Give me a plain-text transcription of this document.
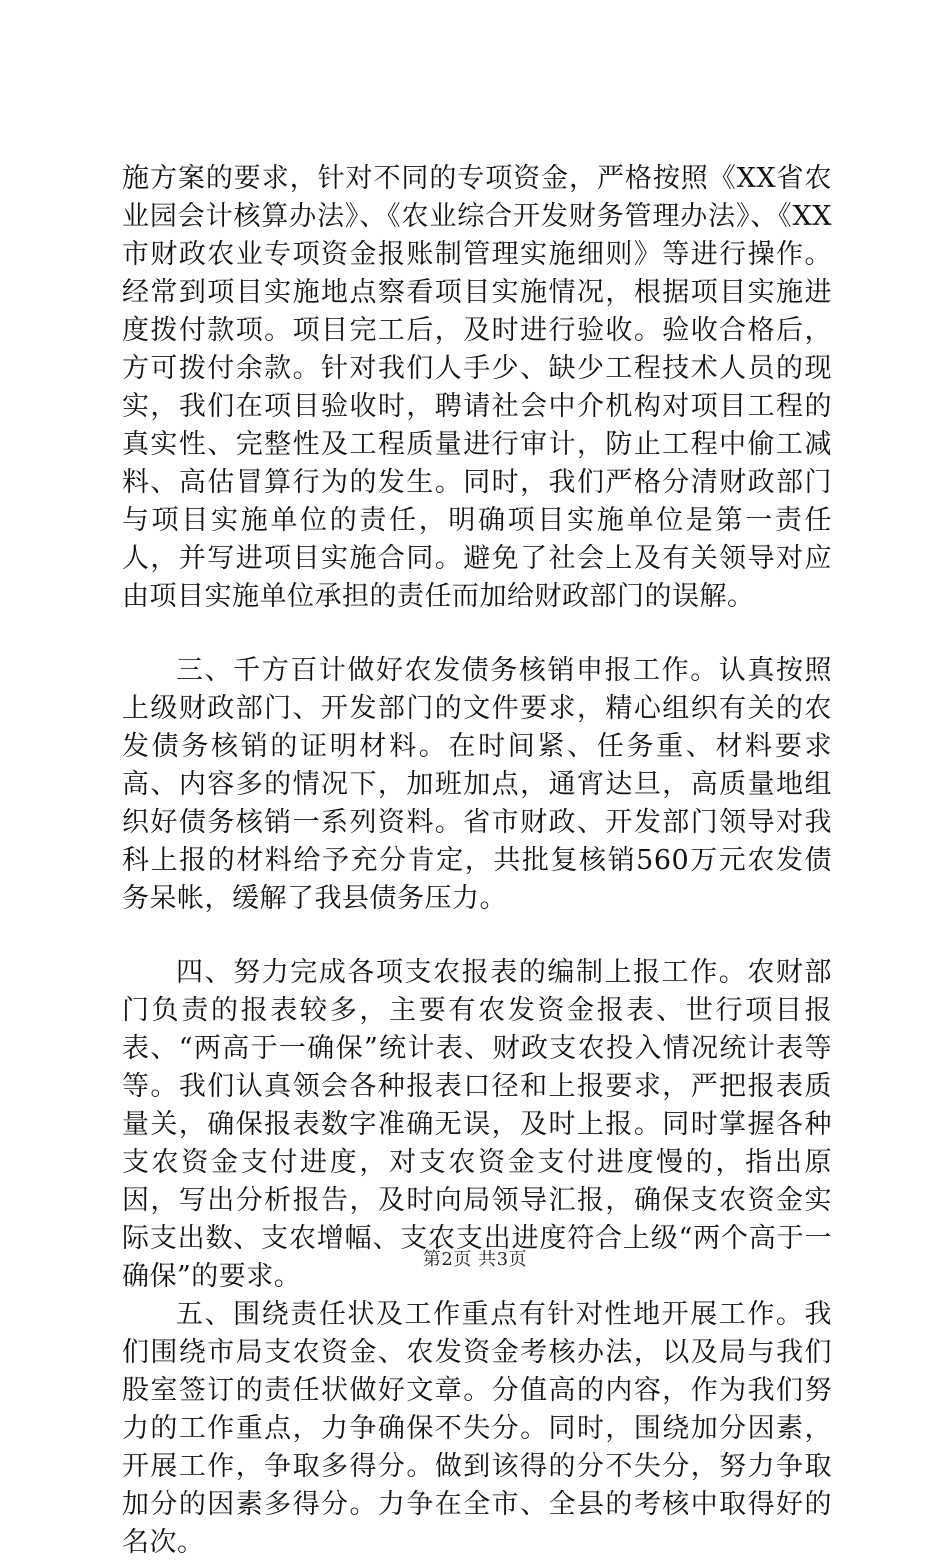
施方案的要求，针对不同的专项资金，严格按照《XX省农业园会计核算办法》、《农业综合开发财务管理办法》、《XX市财政农业专项资金报账制管理实施细则》等进行操作。经常到项目实施地点察看项目实施情况，根据项目实施进度拨付款项。项目完工后，及时进行验收。验收合格后，方可拨付余款。针对我们人手少、缺少工程技术人员的现实，我们在项目验收时，聘请社会中介机构对项目工程的真实性、完整性及工程质量进行审计，防止工程中偷工减料、高估冒算行为的发生。同时，我们严格分清财政部门与项目实施单位的责任，明确项目实施单位是第一责任人，并写进项目实施合同。避免了社会上及有关领导对应由项目实施单位承担的责任而加给财政部门的误解。

三、千方百计做好农发债务核销申报工作。认真按照上级财政部门、开发部门的文件要求，精心组织有关的农发债务核销的证明材料。在时间紧、任务重、材料要求高、内容多的情况下，加班加点，通宵达旦，高质量地组织好债务核销一系列资料。省市财政、开发部门领导对我科上报的材料给予充分肯定，共批复核销560万元农发债务呆帐，缓解了我县债务压力。

四、努力完成各项支农报表的编制上报工作。农财部门负责的报表较多，主要有农发资金报表、世行项目报表、“两高于一确保”统计表、财政支农投入情况统计表等等。我们认真领会各种报表口径和上报要求，严把报表质量关，确保报表数字准确无误，及时上报。同时掌握各种支农资金支付进度，对支农资金支付进度慢的，指出原因，写出分析报告，及时向局领导汇报，确保支农资金实际支出数、支农增幅、支农支出进度符合上级“两个高于一确保”的要求。

五、围绕责任状及工作重点有针对性地开展工作。我们围绕市局支农资金、农发资金考核办法，以及局与我们股室签订的责任状做好文章。分值高的内容，作为我们努力的工作重点，力争确保不失分。同时，围绕加分因素，开展工作，争取多得分。做到该得的分不失分，努力争取加分的因素多得分。力争在全市、全县的考核中取得好的名次。

第2页 共3页
